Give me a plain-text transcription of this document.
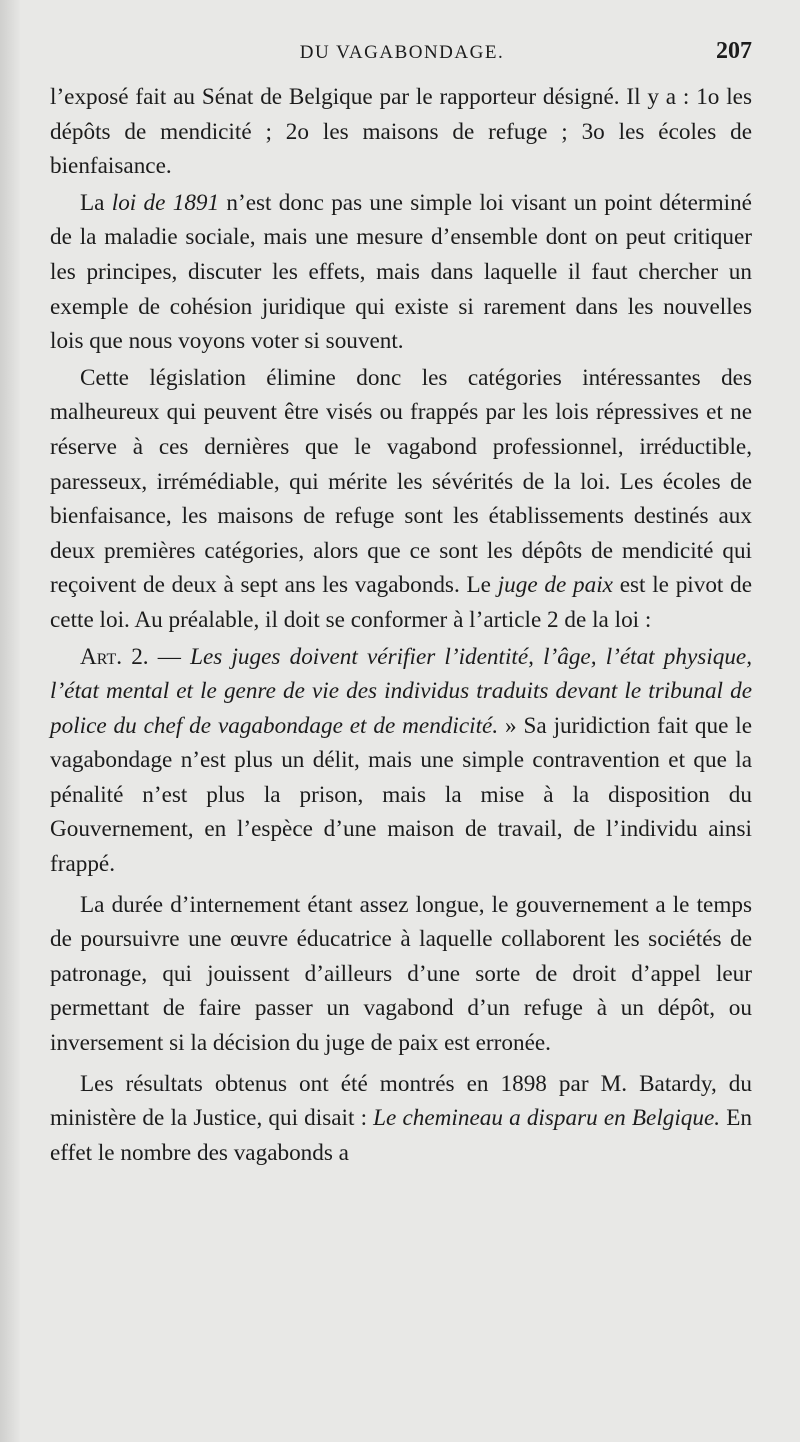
DU VAGABONDAGE.	207

l’exposé fait au Sénat de Belgique par le rapporteur désigné. Il y a : 1o les dépôts de mendicité ; 2o les maisons de refuge ; 3o les écoles de bienfaisance.

La loi de 1891 n’est donc pas une simple loi visant un point déterminé de la maladie sociale, mais une mesure d’ensemble dont on peut critiquer les principes, discuter les effets, mais dans laquelle il faut chercher un exemple de cohésion juridique qui existe si rarement dans les nouvelles lois que nous voyons voter si souvent.

Cette législation élimine donc les catégories intéressantes des malheureux qui peuvent être visés ou frappés par les lois répressives et ne réserve à ces dernières que le vagabond professionnel, irréductible, paresseux, irrémédiable, qui mérite les sévérités de la loi. Les écoles de bienfaisance, les maisons de refuge sont les établissements destinés aux deux premières catégories, alors que ce sont les dépôts de mendicité qui reçoivent de deux à sept ans les vagabonds. Le juge de paix est le pivot de cette loi. Au préalable, il doit se conformer à l’article 2 de la loi :

Art. 2. — Les juges doivent vérifier l’identité, l’âge, l’état physique, l’état mental et le genre de vie des individus traduits devant le tribunal de police du chef de vagabondage et de mendicité. » Sa juridiction fait que le vagabondage n’est plus un délit, mais une simple contravention et que la pénalité n’est plus la prison, mais la mise à la disposition du Gouvernement, en l’espèce d’une maison de travail, de l’individu ainsi frappé.

La durée d’internement étant assez longue, le gouvernement a le temps de poursuivre une œuvre éducatrice à laquelle collaborent les sociétés de patronage, qui jouissent d’ailleurs d’une sorte de droit d’appel leur permettant de faire passer un vagabond d’un refuge à un dépôt, ou inversement si la décision du juge de paix est erronée.

Les résultats obtenus ont été montrés en 1898 par M. Batardy, du ministère de la Justice, qui disait : Le chemineau a disparu en Belgique. En effet le nombre des vagabonds a
